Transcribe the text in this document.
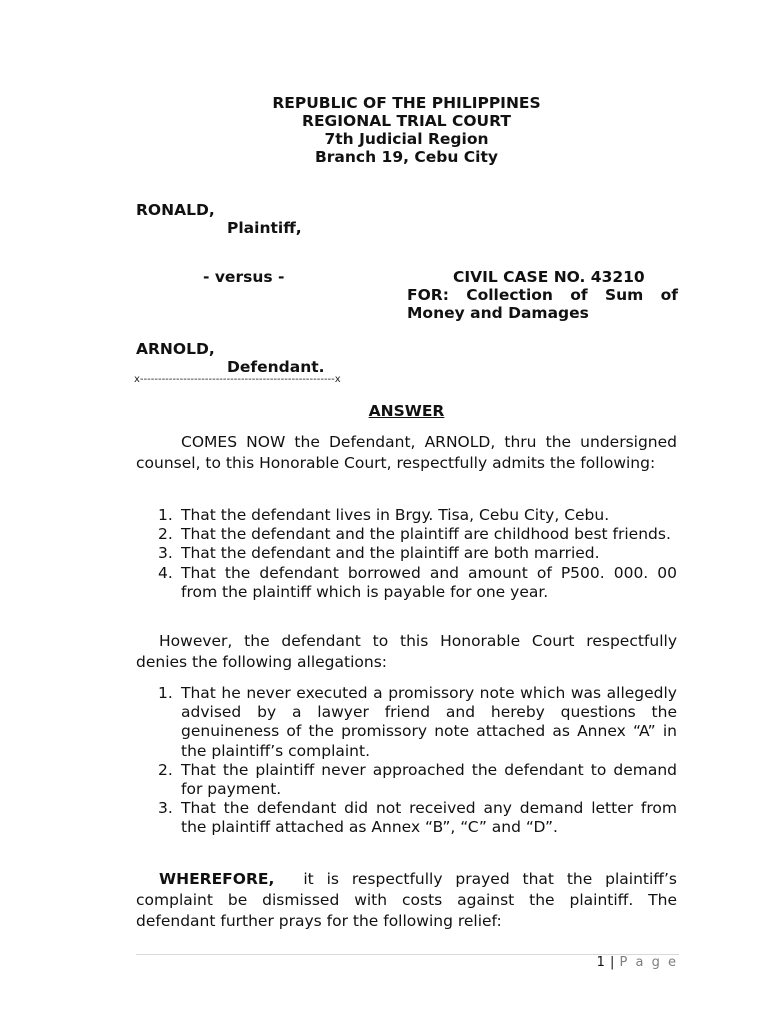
REPUBLIC OF THE PHILIPPINES
REGIONAL TRIAL COURT
7th Judicial Region
Branch 19, Cebu City
RONALD,
Plaintiff,
- versus -	CIVIL CASE NO. 43210
FOR: Collection of Sum of
Money and Damages
ARNOLD,
Defendant.
x------------------------------------------------------x
ANSWER

COMES NOW the Defendant, ARNOLD, thru the undersigned counsel, to this Honorable Court, respectfully admits the following:

1. That the defendant lives in Brgy. Tisa, Cebu City, Cebu.
2. That the defendant and the plaintiff are childhood best friends.
3. That the defendant and the plaintiff are both married.
4. That the defendant borrowed and amount of P500. 000. 00 from the plaintiff which is payable for one year.

However, the defendant to this Honorable Court respectfully denies the following allegations:

1. That he never executed a promissory note which was allegedly advised by a lawyer friend and hereby questions the genuineness of the promissory note attached as Annex “A” in the plaintiff’s complaint.
2. That the plaintiff never approached the defendant to demand for payment.
3. That the defendant did not received any demand letter from the plaintiff attached as Annex “B”, “C” and “D”.

WHEREFORE, it is respectfully prayed that the plaintiff’s complaint be dismissed with costs against the plaintiff. The defendant further prays for the following relief:

1 | P a g e
